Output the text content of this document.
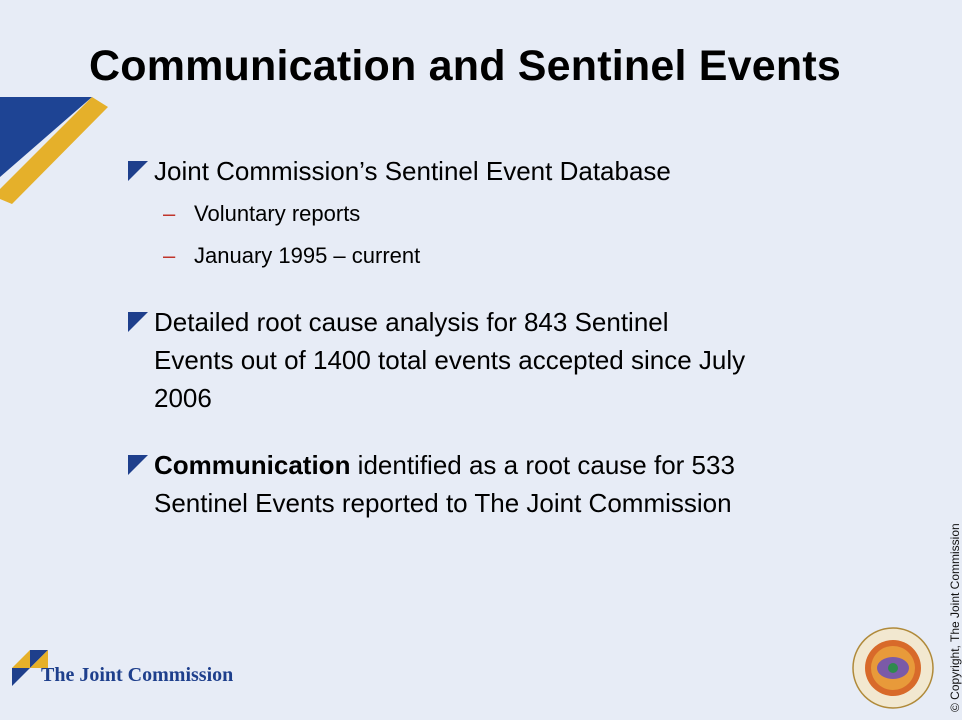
Communication and Sentinel Events
Joint Commission’s Sentinel Event Database
– Voluntary reports
– January 1995 – current
Detailed root cause analysis for 843 Sentinel
Events out of 1400 total events accepted since July
2006
Communication identified as a root cause for 533
Sentinel Events reported to The Joint Commission
The Joint Commission	© Copyright, The Joint Commission
